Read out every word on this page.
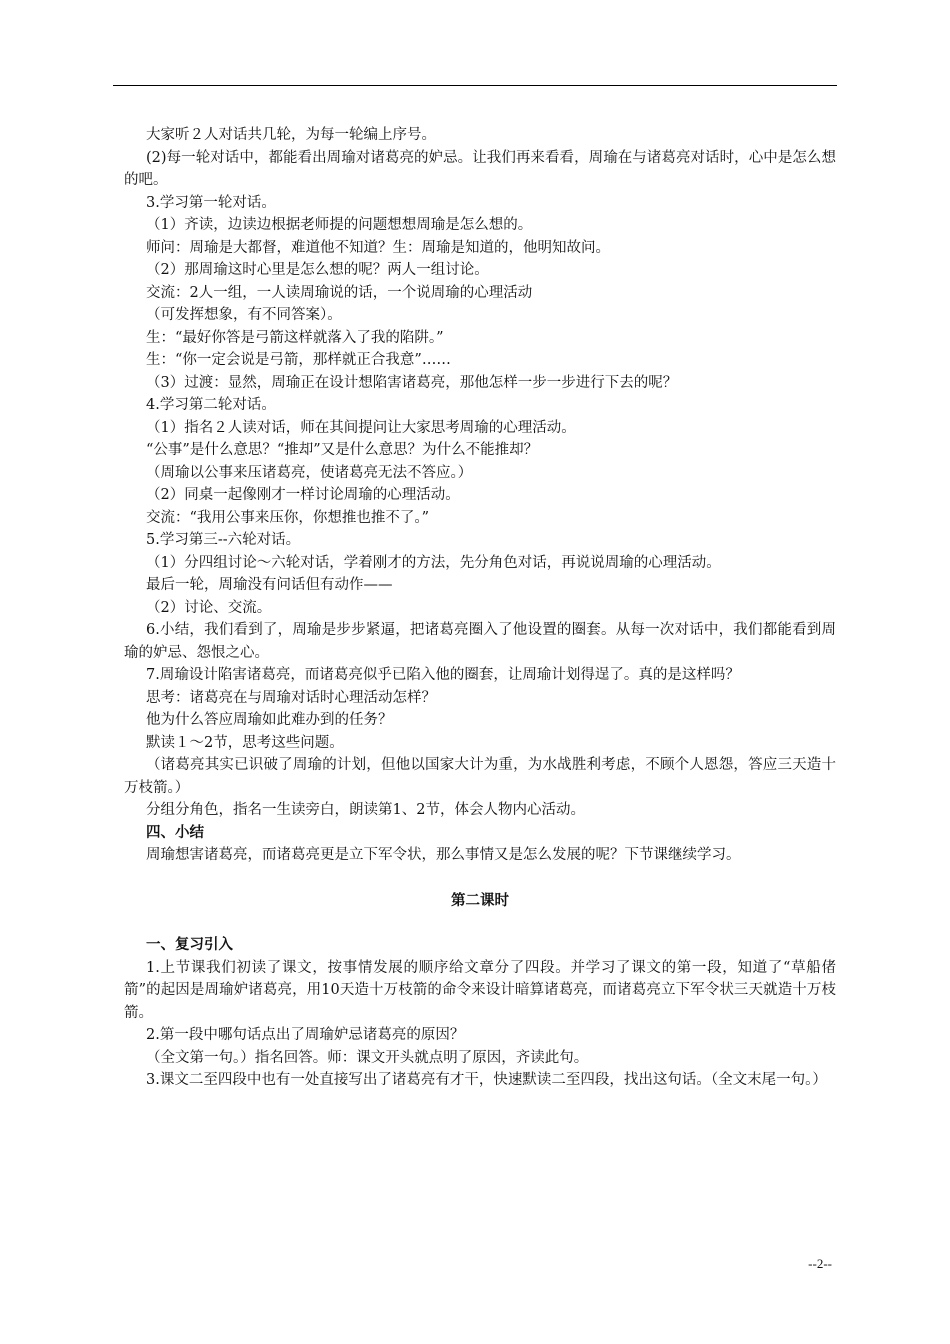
大家听２人对话共几轮，为每一轮编上序号。

(2)每一轮对话中，都能看出周瑜对诸葛亮的妒忌。让我们再来看看，周瑜在与诸葛亮对话时，心中是怎么想的吧。

3.学习第一轮对话。

（1）齐读，边读边根据老师提的问题想想周瑜是怎么想的。

师问：周瑜是大都督，难道他不知道？生：周瑜是知道的，他明知故问。

（2）那周瑜这时心里是怎么想的呢？两人一组讨论。

交流：2人一组，一人读周瑜说的话，一个说周瑜的心理活动

（可发挥想象，有不同答案）。

生：“最好你答是弓箭这样就落入了我的陷阱。”

生：“你一定会说是弓箭，那样就正合我意”……

（3）过渡：显然，周瑜正在设计想陷害诸葛亮，那他怎样一步一步进行下去的呢？

4.学习第二轮对话。

（1）指名２人读对话，师在其间提问让大家思考周瑜的心理活动。

“公事”是什么意思？“推却”又是什么意思？为什么不能推却？

（周瑜以公事来压诸葛亮，使诸葛亮无法不答应。）

（2）同桌一起像刚才一样讨论周瑜的心理活动。

交流：“我用公事来压你，你想推也推不了。”

5.学习第三--六轮对话。

（1）分四组讨论～六轮对话，学着刚才的方法，先分角色对话，再说说周瑜的心理活动。

最后一轮，周瑜没有问话但有动作——

（2）讨论、交流。

6.小结，我们看到了，周瑜是步步紧逼，把诸葛亮圈入了他设置的圈套。从每一次对话中，我们都能看到周瑜的妒忌、怨恨之心。

7.周瑜设计陷害诸葛亮，而诸葛亮似乎已陷入他的圈套，让周瑜计划得逞了。真的是这样吗？

思考：诸葛亮在与周瑜对话时心理活动怎样？

他为什么答应周瑜如此难办到的任务？

默读１～2节，思考这些问题。

（诸葛亮其实已识破了周瑜的计划，但他以国家大计为重，为水战胜利考虑，不顾个人恩怨，答应三天造十万枝箭。）

分组分角色，指名一生读旁白，朗读第1、2节，体会人物内心活动。

四、小结

周瑜想害诸葛亮，而诸葛亮更是立下军令状，那么事情又是怎么发展的呢？下节课继续学习。

第二课时

一、复习引入

1.上节课我们初读了课文，按事情发展的顺序给文章分了四段。并学习了课文的第一段，知道了“草船偖箭”的起因是周瑜妒诸葛亮，用10天造十万枝箭的命令来设计暗算诸葛亮，而诸葛亮立下军令状三天就造十万枝箭。

2.第一段中哪句话点出了周瑜妒忌诸葛亮的原因？

（全文第一句。）指名回答。师：课文开头就点明了原因，齐读此句。

3.课文二至四段中也有一处直接写出了诸葛亮有才干，快速默读二至四段，找出这句话。（全文末尾一句。）

--2--
